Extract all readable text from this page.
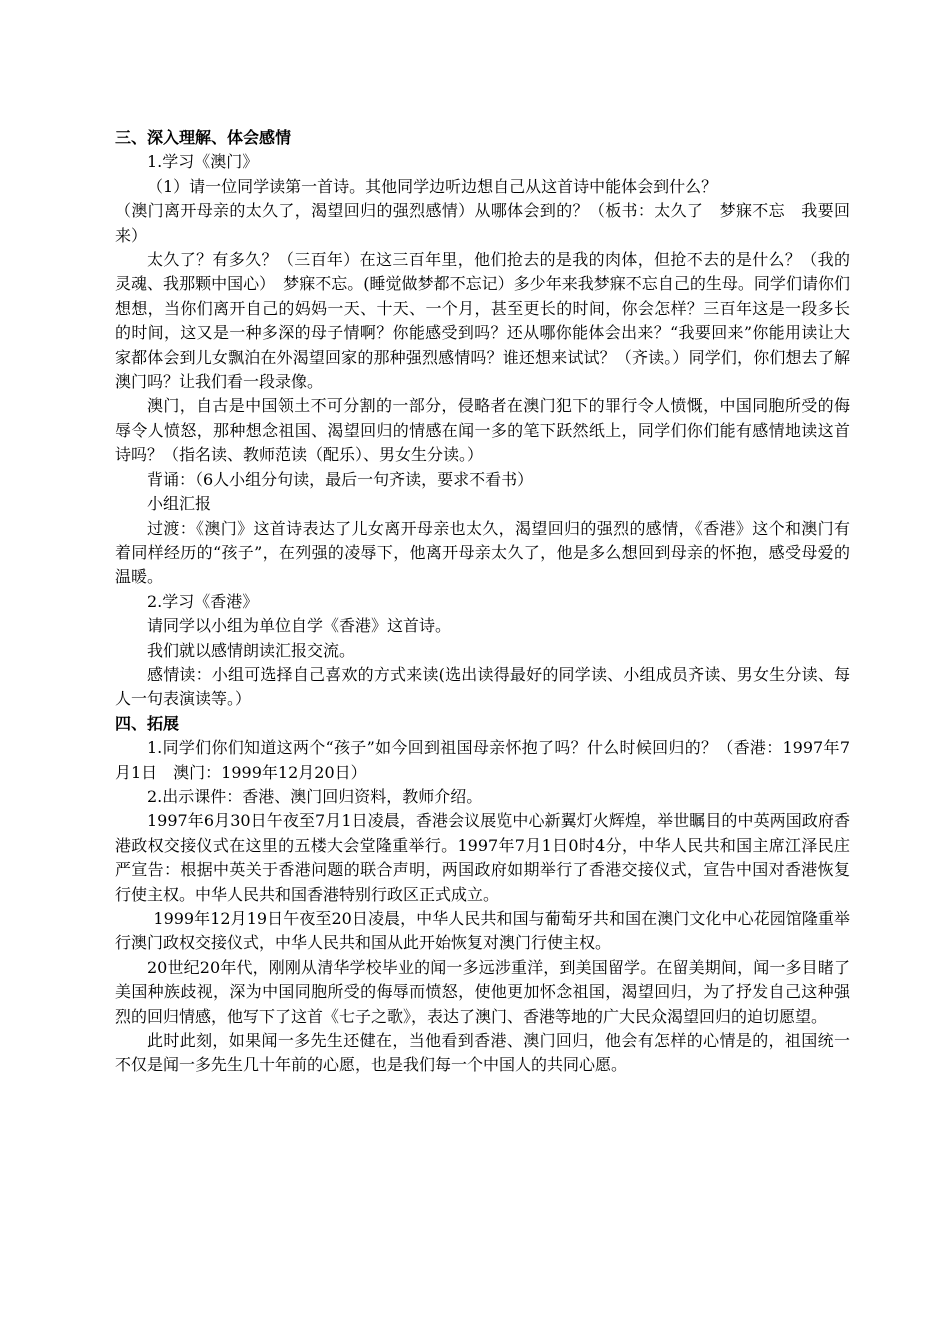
三、深入理解、体会感情

1.学习《澳门》

（1）请一位同学读第一首诗。其他同学边听边想自己从这首诗中能体会到什么？

（澳门离开母亲的太久了，渴望回归的强烈感情）从哪体会到的？（板书：太久了　梦寐不忘　我要回来）

太久了？有多久？（三百年）在这三百年里，他们抢去的是我的肉体，但抢不去的是什么？（我的灵魂、我那颗中国心）　梦寐不忘。(睡觉做梦都不忘记）多少年来我梦寐不忘自己的生母。同学们请你们想想，当你们离开自己的妈妈一天、十天、一个月，甚至更长的时间，你会怎样？三百年这是一段多长的时间，这又是一种多深的母子情啊？你能感受到吗？还从哪你能体会出来？“我要回来”你能用读让大家都体会到儿女飘泊在外渴望回家的那种强烈感情吗？谁还想来试试？（齐读。）同学们，你们想去了解澳门吗？让我们看一段录像。

澳门，自古是中国领土不可分割的一部分，侵略者在澳门犯下的罪行令人愤慨，中国同胞所受的侮辱令人愤怒，那种想念祖国、渴望回归的情感在闻一多的笔下跃然纸上，同学们你们能有感情地读这首诗吗？（指名读、教师范读（配乐）、男女生分读。）

背诵：（6人小组分句读，最后一句齐读，要求不看书）

小组汇报

过渡：《澳门》这首诗表达了儿女离开母亲也太久，渴望回归的强烈的感情，《香港》这个和澳门有着同样经历的“孩子”，在列强的凌辱下，他离开母亲太久了，他是多么想回到母亲的怀抱，感受母爱的温暖。

2.学习《香港》

请同学以小组为单位自学《香港》这首诗。

我们就以感情朗读汇报交流。

感情读：小组可选择自己喜欢的方式来读(选出读得最好的同学读、小组成员齐读、男女生分读、每人一句表演读等。）

四、拓展

1.同学们你们知道这两个“孩子”如今回到祖国母亲怀抱了吗？什么时候回归的？（香港：1997年7月1日　澳门：1999年12月20日）

2.出示课件：香港、澳门回归资料，教师介绍。

1997年6月30日午夜至7月1日凌晨，香港会议展览中心新翼灯火辉煌，举世瞩目的中英两国政府香港政权交接仪式在这里的五楼大会堂隆重举行。1997年7月1日0时4分，中华人民共和国主席江泽民庄严宣告：根据中英关于香港问题的联合声明，两国政府如期举行了香港交接仪式，宣告中国对香港恢复行使主权。中华人民共和国香港特别行政区正式成立。

1999年12月19日午夜至20日凌晨，中华人民共和国与葡萄牙共和国在澳门文化中心花园馆隆重举行澳门政权交接仪式，中华人民共和国从此开始恢复对澳门行使主权。

20世纪20年代，刚刚从清华学校毕业的闻一多远涉重洋，到美国留学。在留美期间，闻一多目睹了美国种族歧视，深为中国同胞所受的侮辱而愤怒，使他更加怀念祖国，渴望回归，为了抒发自己这种强烈的回归情感，他写下了这首《七子之歌》，表达了澳门、香港等地的广大民众渴望回归的迫切愿望。

此时此刻，如果闻一多先生还健在，当他看到香港、澳门回归，他会有怎样的心情是的，祖国统一不仅是闻一多先生几十年前的心愿，也是我们每一个中国人的共同心愿。
